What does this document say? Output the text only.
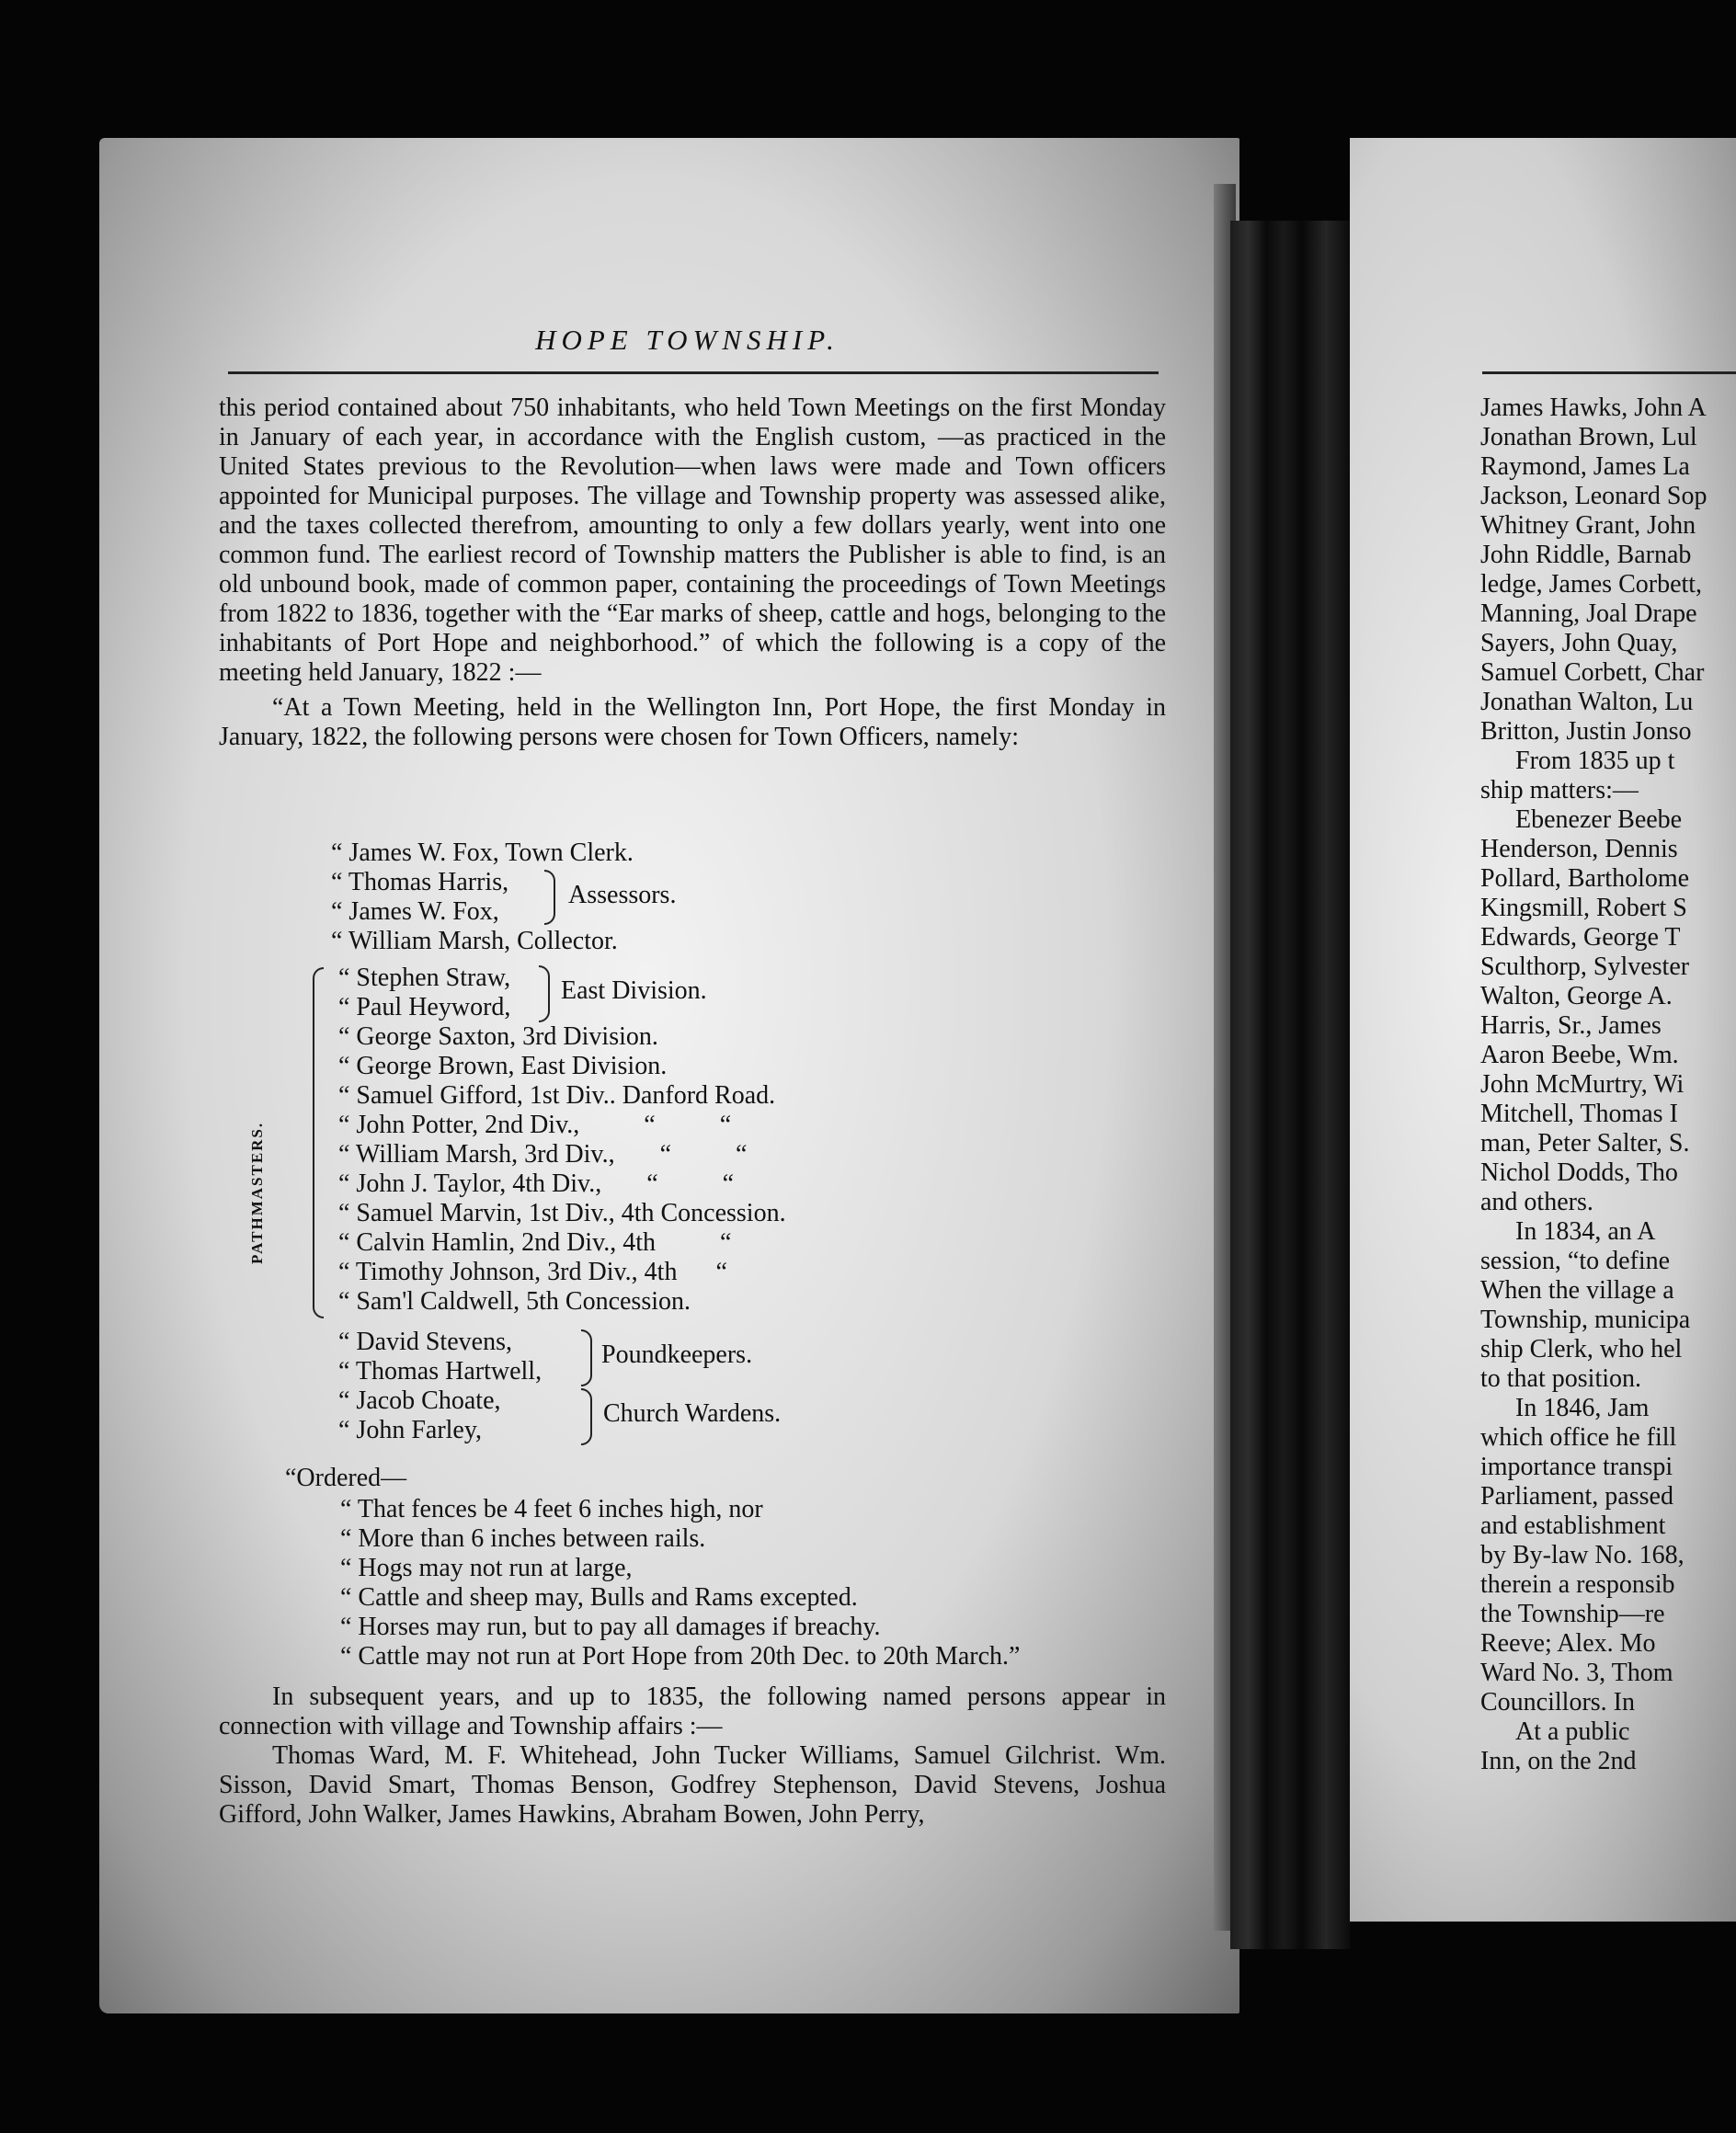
HOPE TOWNSHIP.

this period contained about 750 inhabitants, who held Town Meetings on the first Monday in January of each year, in accordance with the English custom, —as practiced in the United States previous to the Revolution—when laws were made and Town officers appointed for Municipal purposes. The village and Township property was assessed alike, and the taxes collected therefrom, amounting to only a few dollars yearly, went into one common fund. The earliest record of Township matters the Publisher is able to find, is an old unbound book, made of common paper, containing the proceedings of Town Meetings from 1822 to 1836, together with the “Ear marks of sheep, cattle and hogs, belonging to the inhabitants of Port Hope and neighborhood.” of which the following is a copy of the meeting held January, 1822 :—

“At a Town Meeting, held in the Wellington Inn, Port Hope, the first Monday in January, 1822, the following persons were chosen for Town Officers, namely:

“ James W. Fox, Town Clerk.
“ Thomas Harris,
“ James W. Fox,
“ William Marsh, Collector.
Assessors.
PATHMASTERS.
“ Stephen Straw,
“ Paul Heyword,
“ George Saxton, 3rd Division.
“ George Brown, East Division.
“ Samuel Gifford, 1st Div.. Danford Road.
“ John Potter, 2nd Div.,          “          “
“ William Marsh, 3rd Div.,       “          “
“ John J. Taylor, 4th Div.,       “          “
“ Samuel Marvin, 1st Div., 4th Concession.
“ Calvin Hamlin, 2nd Div., 4th          “
“ Timothy Johnson, 3rd Div., 4th      “
“ Sam'l Caldwell, 5th Concession.
East Division.
“ David Stevens,
“ Thomas Hartwell,
“ Jacob Choate,
“ John Farley,
Poundkeepers.
Church Wardens.
“Ordered—
“ That fences be 4 feet 6 inches high, nor
“ More than 6 inches between rails.
“ Hogs may not run at large,
“ Cattle and sheep may, Bulls and Rams excepted.
“ Horses may run, but to pay all damages if breachy.
“ Cattle may not run at Port Hope from 20th Dec. to 20th March.”

In subsequent years, and up to 1835, the following named persons appear in connection with village and Township affairs :—

Thomas Ward, M. F. Whitehead, John Tucker Williams, Samuel Gilchrist. Wm. Sisson, David Smart, Thomas Benson, Godfrey Stephenson, David Stevens, Joshua Gifford, John Walker, James Hawkins, Abraham Bowen, John Perry,

James Hawks, John A
Jonathan Brown, Lul
Raymond, James La
Jackson, Leonard Sop
Whitney Grant, John
John Riddle, Barnab
ledge, James Corbett,
Manning, Joal Drape
Sayers, John Quay,
Samuel Corbett, Char
Jonathan Walton, Lu
Britton, Justin Jonso
From 1835 up t
ship matters:—
Ebenezer Beebe
Henderson, Dennis
Pollard, Bartholome
Kingsmill, Robert S
Edwards, George T
Sculthorp, Sylvester
Walton, George A.
Harris, Sr., James
Aaron Beebe, Wm.
John McMurtry, Wi
Mitchell, Thomas I
man, Peter Salter, S.
Nichol Dodds, Tho
and others.
In 1834, an A
session, “to define
When the village a
Township, municipa
ship Clerk, who hel
to that position.
In 1846, Jam
which office he fill
importance transpi
Parliament, passed
and establishment
by By-law No. 168,
therein a responsib
the Township—re
Reeve; Alex. Mo
Ward No. 3, Thom
Councillors. In
At a public
Inn, on the 2nd
